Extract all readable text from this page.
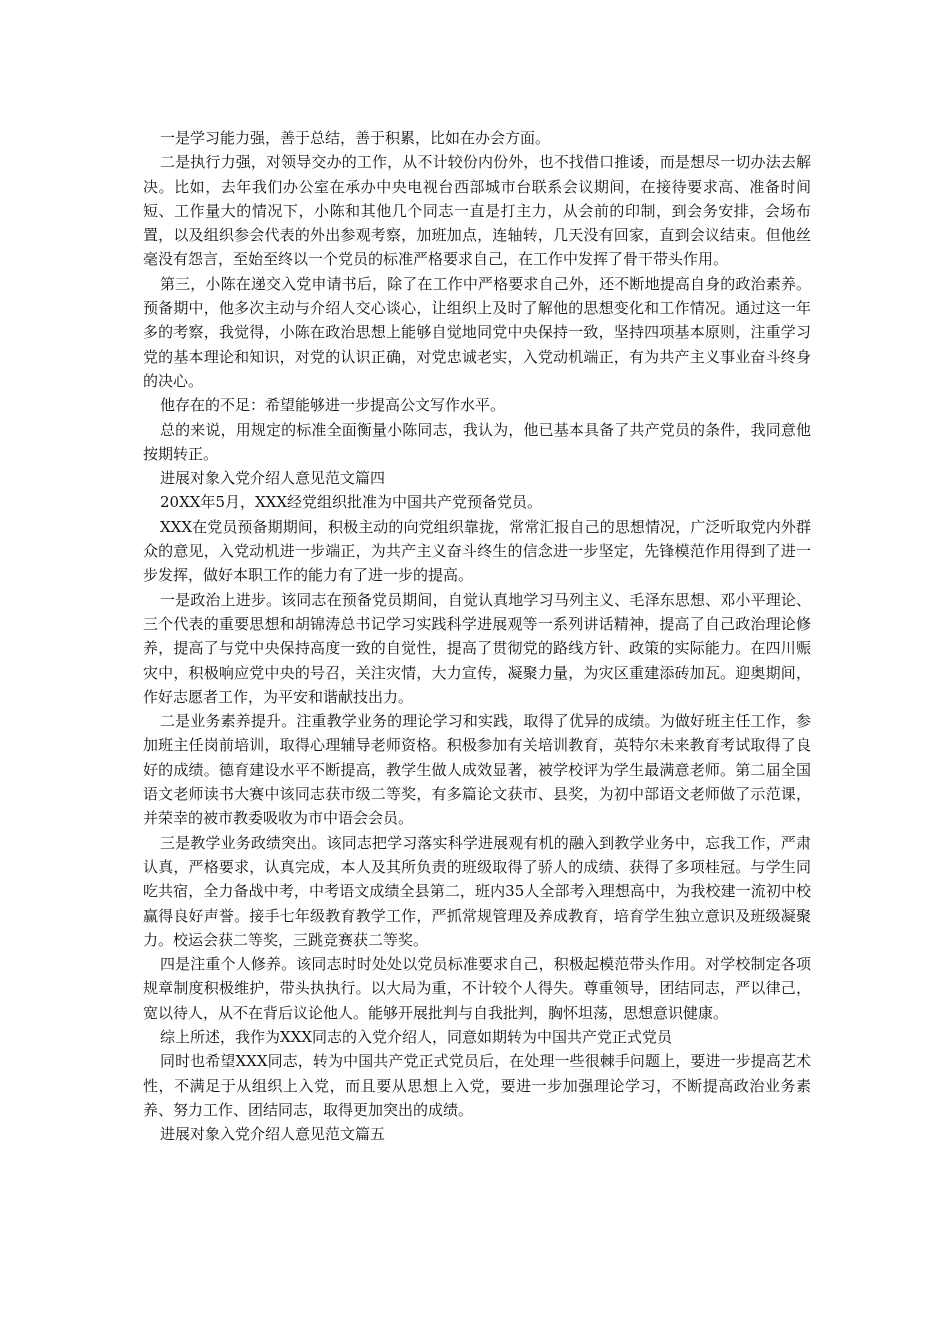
一是学习能力强，善于总结，善于积累，比如在办会方面。

二是执行力强，对领导交办的工作，从不计较份内份外，也不找借口推诿，而是想尽一切办法去解决。比如，去年我们办公室在承办中央电视台西部城市台联系会议期间，在接待要求高、准备时间短、工作量大的情况下，小陈和其他几个同志一直是打主力，从会前的印制，到会务安排，会场布置，以及组织参会代表的外出参观考察，加班加点，连轴转，几天没有回家，直到会议结束。但他丝毫没有怨言，至始至终以一个党员的标准严格要求自己，在工作中发挥了骨干带头作用。

第三，小陈在递交入党申请书后，除了在工作中严格要求自己外，还不断地提高自身的政治素养。预备期中，他多次主动与介绍人交心谈心，让组织上及时了解他的思想变化和工作情况。通过这一年多的考察，我觉得，小陈在政治思想上能够自觉地同党中央保持一致，坚持四项基本原则，注重学习党的基本理论和知识，对党的认识正确，对党忠诚老实，入党动机端正，有为共产主义事业奋斗终身的决心。

他存在的不足：希望能够进一步提高公文写作水平。

总的来说，用规定的标准全面衡量小陈同志，我认为，他已基本具备了共产党员的条件，我同意他按期转正。

进展对象入党介绍人意见范文篇四

20XX年5月，XXX经党组织批准为中国共产党预备党员。

XXX在党员预备期期间，积极主动的向党组织靠拢，常常汇报自己的思想情况，广泛听取党内外群众的意见，入党动机进一步端正，为共产主义奋斗终生的信念进一步坚定，先锋模范作用得到了进一步发挥，做好本职工作的能力有了进一步的提高。

一是政治上进步。该同志在预备党员期间，自觉认真地学习马列主义、毛泽东思想、邓小平理论、三个代表的重要思想和胡锦涛总书记学习实践科学进展观等一系列讲话精神，提高了自己政治理论修养，提高了与党中央保持高度一致的自觉性，提高了贯彻党的路线方针、政策的实际能力。在四川赈灾中，积极响应党中央的号召，关注灾情，大力宣传，凝聚力量，为灾区重建添砖加瓦。迎奥期间，作好志愿者工作，为平安和谐献技出力。

二是业务素养提升。注重教学业务的理论学习和实践，取得了优异的成绩。为做好班主任工作，参加班主任岗前培训，取得心理辅导老师资格。积极参加有关培训教育，英特尔未来教育考试取得了良好的成绩。德育建设水平不断提高，教学生做人成效显著，被学校评为学生最满意老师。第二届全国语文老师读书大赛中该同志获市级二等奖，有多篇论文获市、县奖，为初中部语文老师做了示范课，并荣幸的被市教委吸收为市中语会会员。

三是教学业务政绩突出。该同志把学习落实科学进展观有机的融入到教学业务中，忘我工作，严肃认真，严格要求，认真完成，本人及其所负责的班级取得了骄人的成绩、获得了多项桂冠。与学生同吃共宿，全力备战中考，中考语文成绩全县第二，班内35人全部考入理想高中，为我校建一流初中校赢得良好声誉。接手七年级教育教学工作，严抓常规管理及养成教育，培育学生独立意识及班级凝聚力。校运会获二等奖，三跳竞赛获二等奖。

四是注重个人修养。该同志时时处处以党员标准要求自己，积极起模范带头作用。对学校制定各项规章制度积极维护，带头执执行。以大局为重，不计较个人得失。尊重领导，团结同志，严以律己，宽以待人，从不在背后议论他人。能够开展批判与自我批判，胸怀坦荡，思想意识健康。

综上所述，我作为XXX同志的入党介绍人，同意如期转为中国共产党正式党员

同时也希望XXX同志，转为中国共产党正式党员后，在处理一些很棘手问题上，要进一步提高艺术性，不满足于从组织上入党，而且要从思想上入党，要进一步加强理论学习，不断提高政治业务素养、努力工作、团结同志，取得更加突出的成绩。

进展对象入党介绍人意见范文篇五
